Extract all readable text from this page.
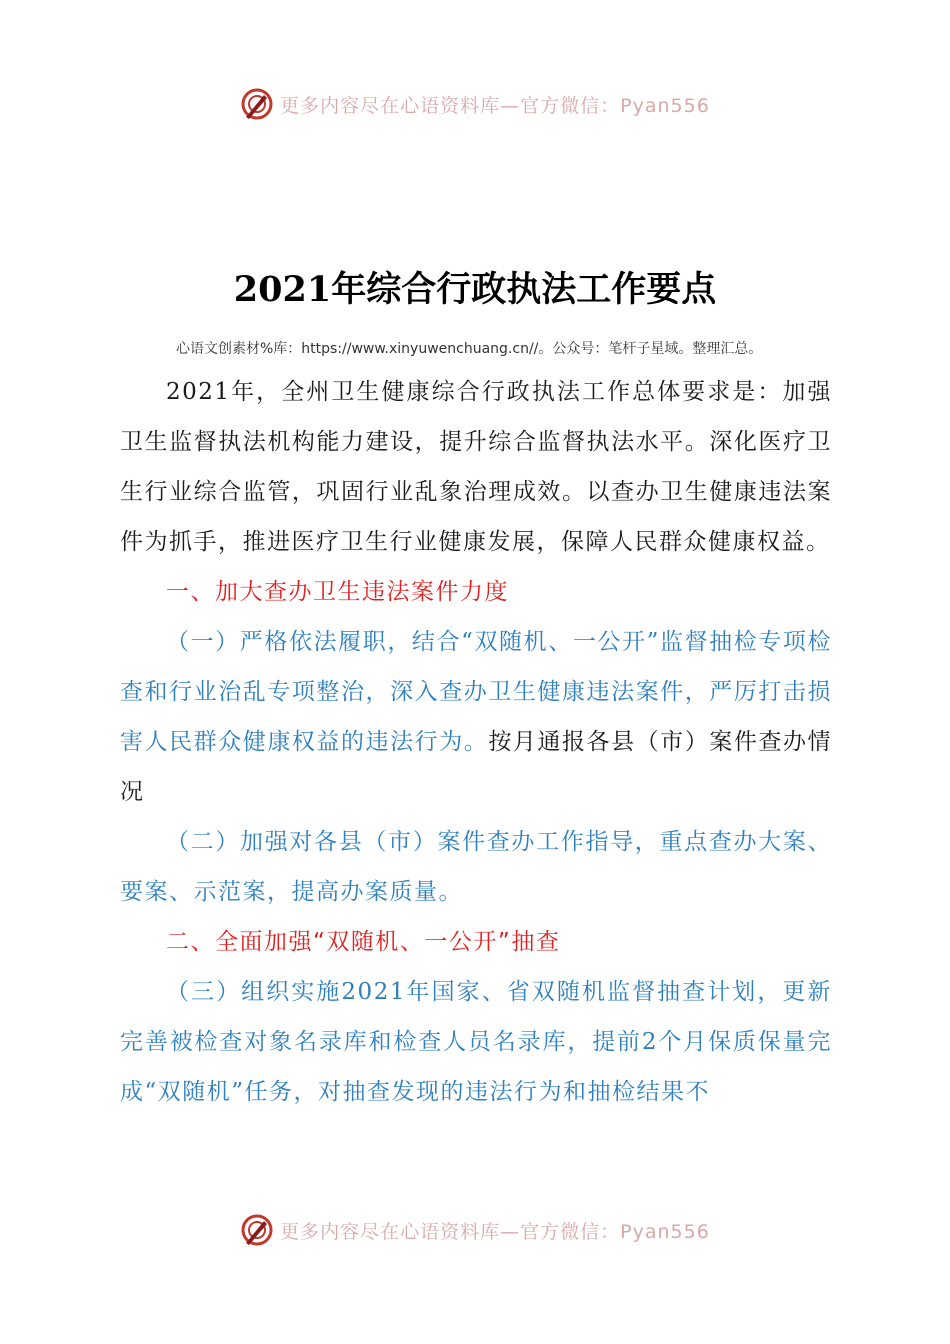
更多内容尽在心语资料库—官方微信：Pyan556
2021年综合行政执法工作要点
心语文创素材%库：https://www.xinyuwenchuang.cn//。公众号：笔杆子星域。整理汇总。

2021年，全州卫生健康综合行政执法工作总体要求是：加强卫生监督执法机构能力建设，提升综合监督执法水平。深化医疗卫生行业综合监管，巩固行业乱象治理成效。以查办卫生健康违法案件为抓手，推进医疗卫生行业健康发展，保障人民群众健康权益。

一、加大查办卫生违法案件力度

（一）严格依法履职，结合“双随机、一公开”监督抽检专项检查和行业治乱专项整治，深入查办卫生健康违法案件，严厉打击损害人民群众健康权益的违法行为。按月通报各县（市）案件查办情况

（二）加强对各县（市）案件查办工作指导，重点查办大案、要案、示范案，提高办案质量。

二、全面加强“双随机、一公开”抽查

（三）组织实施2021年国家、省双随机监督抽查计划，更新完善被检查对象名录库和检查人员名录库，提前2个月保质保量完成“双随机”任务，对抽查发现的违法行为和抽检结果不

更多内容尽在心语资料库—官方微信：Pyan556
